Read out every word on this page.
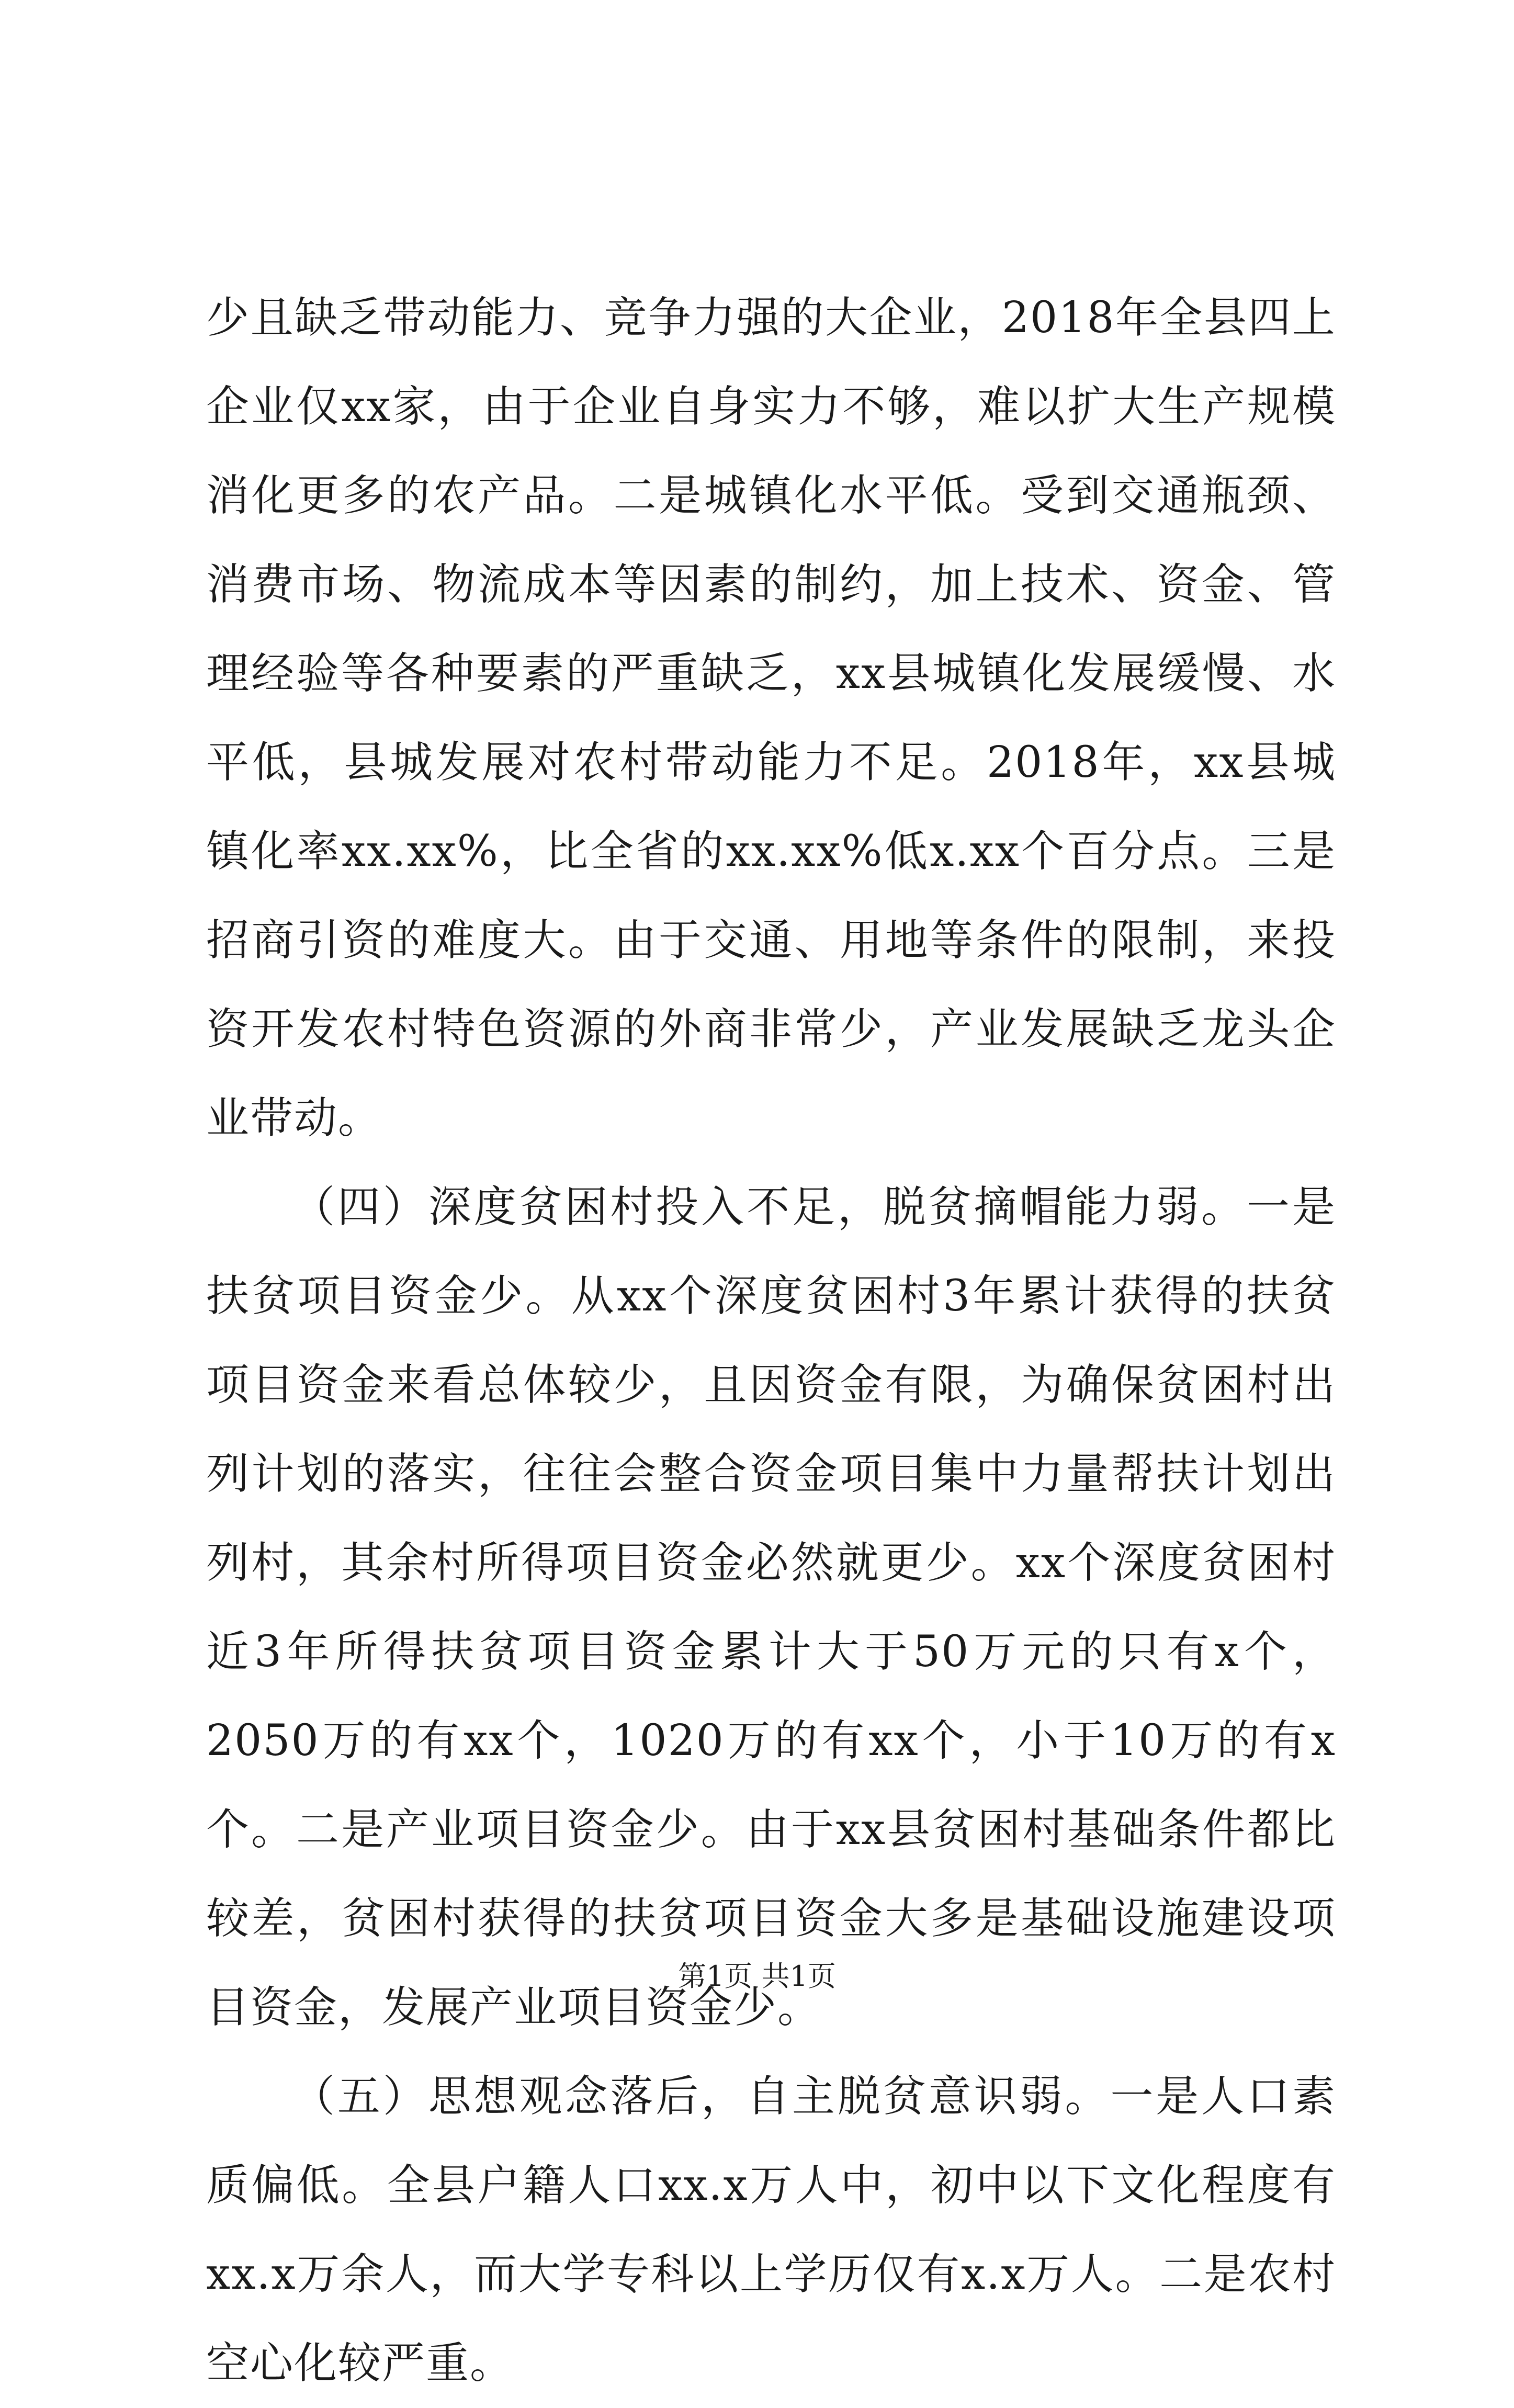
少且缺乏带动能力、竞争力强的大企业，2018年全县四上企业仅xx家，由于企业自身实力不够，难以扩大生产规模消化更多的农产品。二是城镇化水平低。受到交通瓶颈、消费市场、物流成本等因素的制约，加上技术、资金、管理经验等各种要素的严重缺乏，xx县城镇化发展缓慢、水平低，县城发展对农村带动能力不足。2018年，xx县城镇化率xx.xx%，比全省的xx.xx%低x.xx个百分点。三是招商引资的难度大。由于交通、用地等条件的限制，来投资开发农村特色资源的外商非常少，产业发展缺乏龙头企业带动。

（四）深度贫困村投入不足，脱贫摘帽能力弱。一是扶贫项目资金少。从xx个深度贫困村3年累计获得的扶贫项目资金来看总体较少，且因资金有限，为确保贫困村出列计划的落实，往往会整合资金项目集中力量帮扶计划出列村，其余村所得项目资金必然就更少。xx个深度贫困村近3年所得扶贫项目资金累计大于50万元的只有x个，2050万的有xx个，1020万的有xx个，小于10万的有x个。二是产业项目资金少。由于xx县贫困村基础条件都比较差，贫困村获得的扶贫项目资金大多是基础设施建设项目资金，发展产业项目资金少。

（五）思想观念落后，自主脱贫意识弱。一是人口素质偏低。全县户籍人口xx.x万人中，初中以下文化程度有xx.x万余人，而大学专科以上学历仅有x.x万人。二是农村空心化较严重。

第1页 共1页
